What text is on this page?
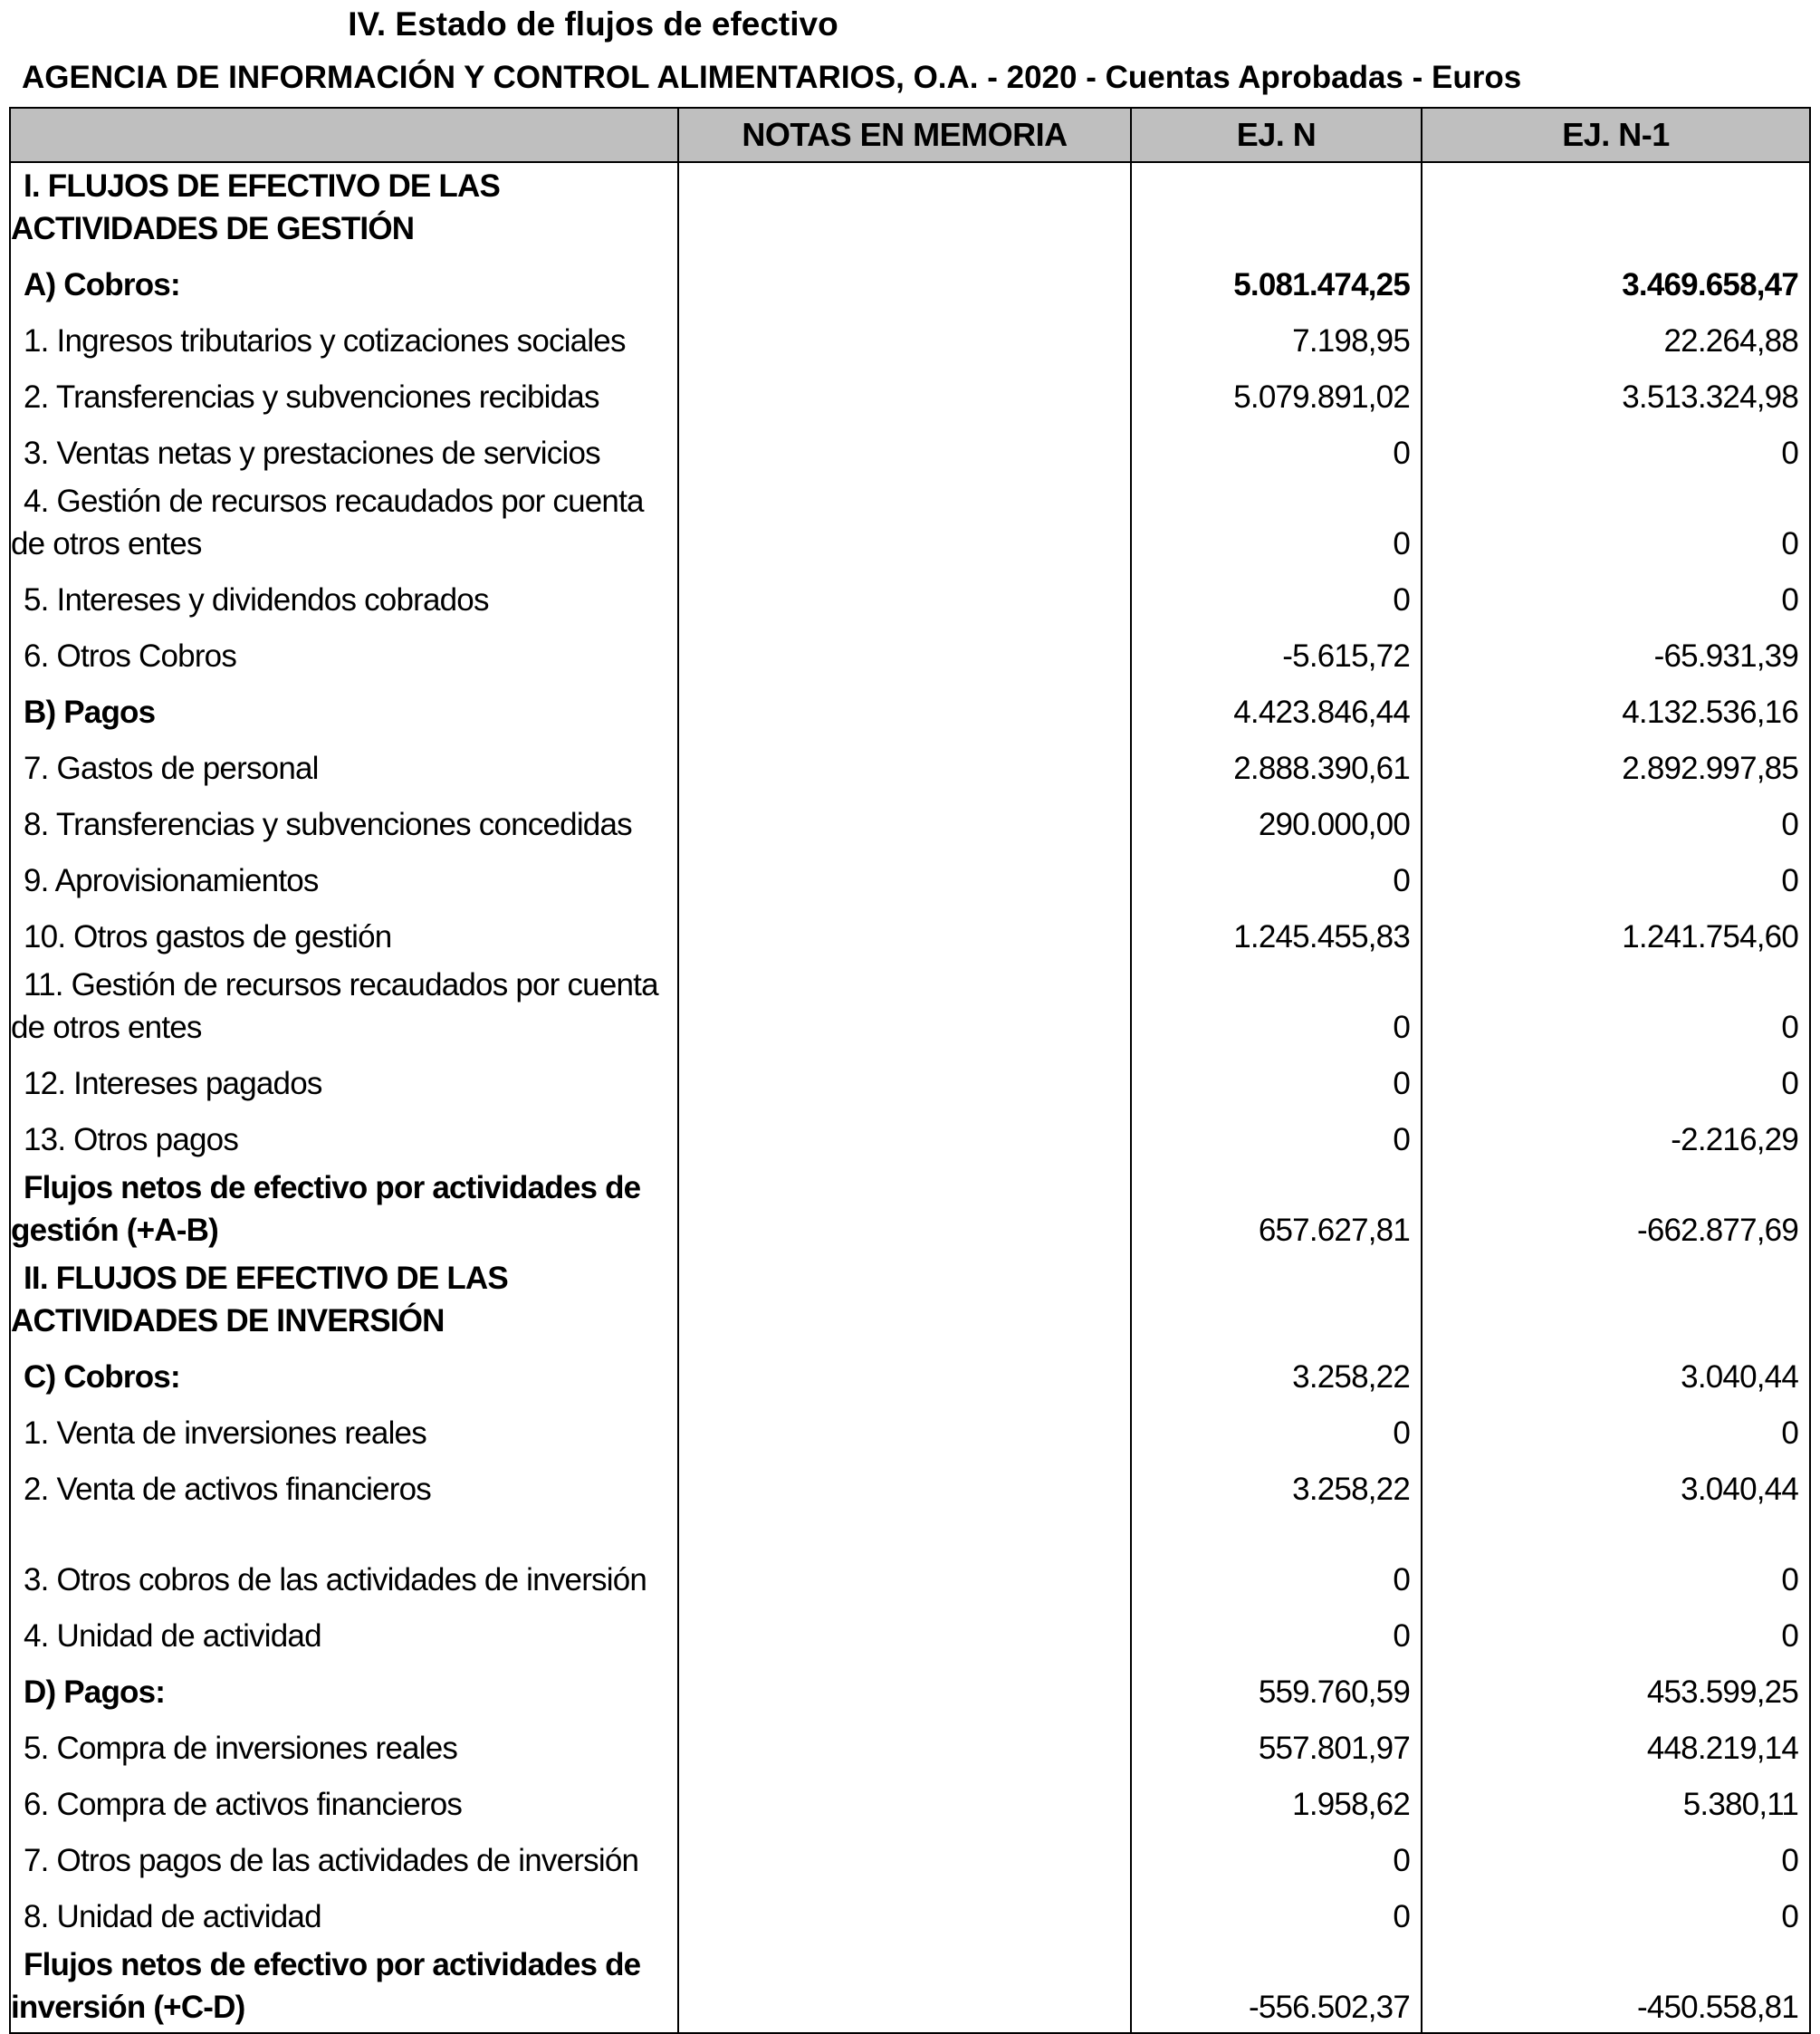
IV. Estado de flujos de efectivo
AGENCIA DE INFORMACIÓN Y CONTROL ALIMENTARIOS, O.A. - 2020 - Cuentas Aprobadas - Euros
	NOTAS EN MEMORIA	EJ. N	EJ. N-1
I. FLUJOS DE EFECTIVO DE LAS ACTIVIDADES DE GESTIÓN			
A) Cobros:		5.081.474,25	3.469.658,47
1. Ingresos tributarios y cotizaciones sociales		7.198,95	22.264,88
2. Transferencias y subvenciones recibidas		5.079.891,02	3.513.324,98
3. Ventas netas y prestaciones de servicios		0	0
4. Gestión de recursos recaudados por cuenta de otros entes		0	0
5. Intereses y dividendos cobrados		0	0
6. Otros Cobros		-5.615,72	-65.931,39
B) Pagos		4.423.846,44	4.132.536,16
7. Gastos de personal		2.888.390,61	2.892.997,85
8. Transferencias y subvenciones concedidas		290.000,00	0
9. Aprovisionamientos		0	0
10. Otros gastos de gestión		1.245.455,83	1.241.754,60
11. Gestión de recursos recaudados por cuenta de otros entes		0	0
12. Intereses pagados		0	0
13. Otros pagos		0	-2.216,29
Flujos netos de efectivo por actividades de gestión (+A-B)		657.627,81	-662.877,69
II. FLUJOS DE EFECTIVO DE LAS ACTIVIDADES DE INVERSIÓN			
C) Cobros:		3.258,22	3.040,44
1. Venta de inversiones reales		0	0
2. Venta de activos financieros		3.258,22	3.040,44
3. Otros cobros de las actividades de inversión		0	0
4. Unidad de actividad		0	0
D) Pagos:		559.760,59	453.599,25
5. Compra de inversiones reales		557.801,97	448.219,14
6. Compra de activos financieros		1.958,62	5.380,11
7. Otros pagos de las actividades de inversión		0	0
8. Unidad de actividad		0	0
Flujos netos de efectivo por actividades de inversión (+C-D)		-556.502,37	-450.558,81
